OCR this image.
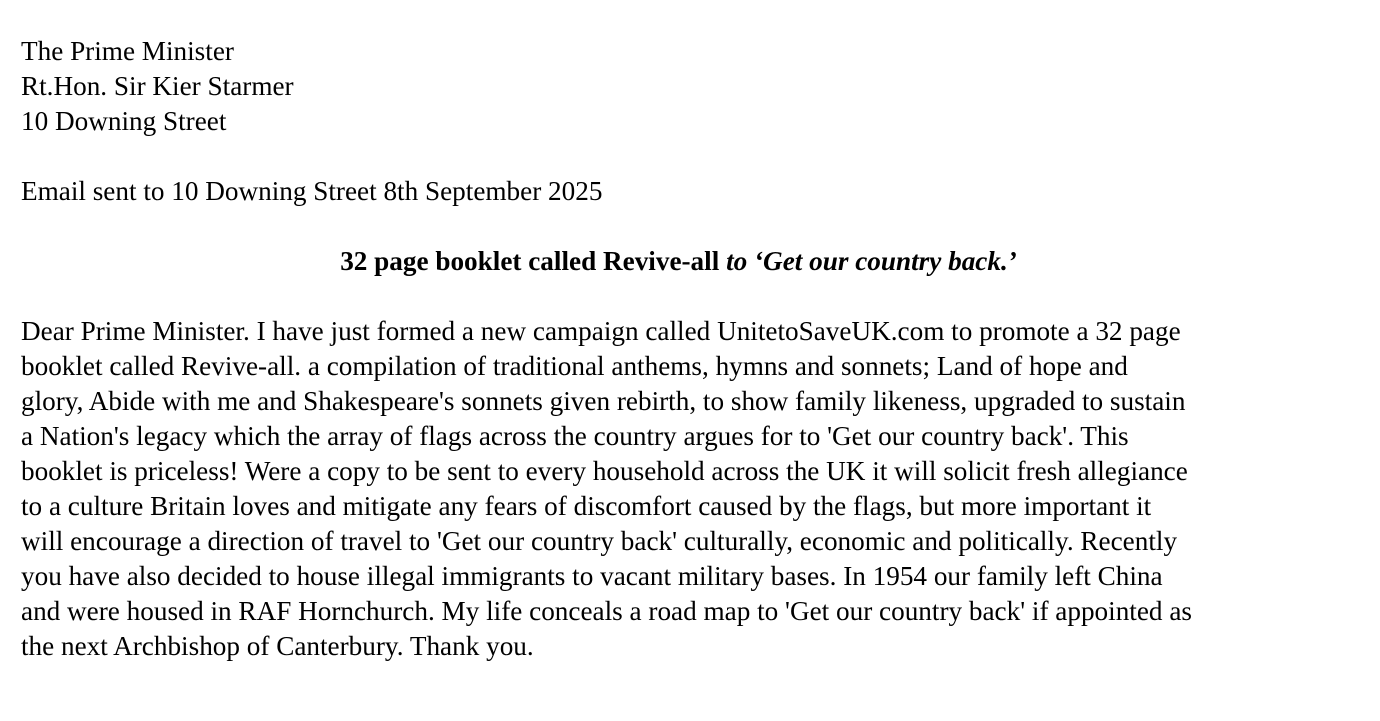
The Prime Minister
Rt.Hon. Sir Kier Starmer
10 Downing Street
Email sent to 10 Downing Street 8th September 2025
32 page booklet called Revive-all to ‘Get our country back.’
Dear Prime Minister. I have just formed a new campaign called UnitetoSaveUK.com to promote a 32 page
booklet called Revive-all. a compilation of traditional anthems, hymns and sonnets; Land of hope and
glory, Abide with me and Shakespeare's sonnets given rebirth, to show family likeness, upgraded to sustain
a Nation's legacy which the array of flags across the country argues for to 'Get our country back'. This
booklet is priceless! Were a copy to be sent to every household across the UK it will solicit fresh allegiance
to a culture Britain loves and mitigate any fears of discomfort caused by the flags, but more important it
will encourage a direction of travel to 'Get our country back' culturally, economic and politically. Recently
you have also decided to house illegal immigrants to vacant military bases. In 1954 our family left China
and were housed in RAF Hornchurch. My life conceals a road map to 'Get our country back' if appointed as
the next Archbishop of Canterbury. Thank you.
